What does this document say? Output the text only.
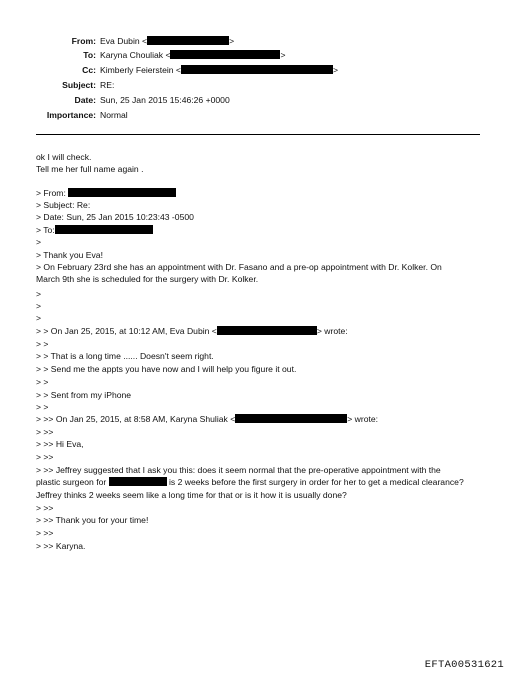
From: Eva Dubin <	>
To: Karyna Chouliak <	>
Cc: Kimberly Feierstein <	>
Subject: RE:
Date: Sun, 25 Jan 2015 15:46:26 +0000
Importance: Normal
ok I will check.
Tell me her full name again .
> From:
> Subject: Re:
> Date: Sun, 25 Jan 2015 10:23:43 -0500
> To:
>
> Thank you Eva!
> On February 23rd she has an appointment with Dr. Fasano and a pre-op appointment with Dr. Kolker. On
March 9th she is scheduled for the surgery with Dr. Kolker.
>
>
>
> > On Jan 25, 2015, at 10:12 AM, Eva Dubin <	> wrote:
> >
> > That is a long time ...... Doesn't seem right.
> > Send me the appts you have now and I will help you figure it out.
> >
> > Sent from my iPhone
> >
> >> On Jan 25, 2015, at 8:58 AM, Karyna Shuliak <	> wrote:
> >>
> >> Hi Eva,
> >>
> >> Jeffrey suggested that I ask you this: does it seem normal that the pre-operative appointment with the
plastic surgeon for	is 2 weeks before the first surgery in order for her to get a medical clearance?
Jeffrey thinks 2 weeks seem like a long time for that or is it how it is usually done?
> >>
> >> Thank you for your time!
> >>
> >> Karyna.
EFTA00531621
